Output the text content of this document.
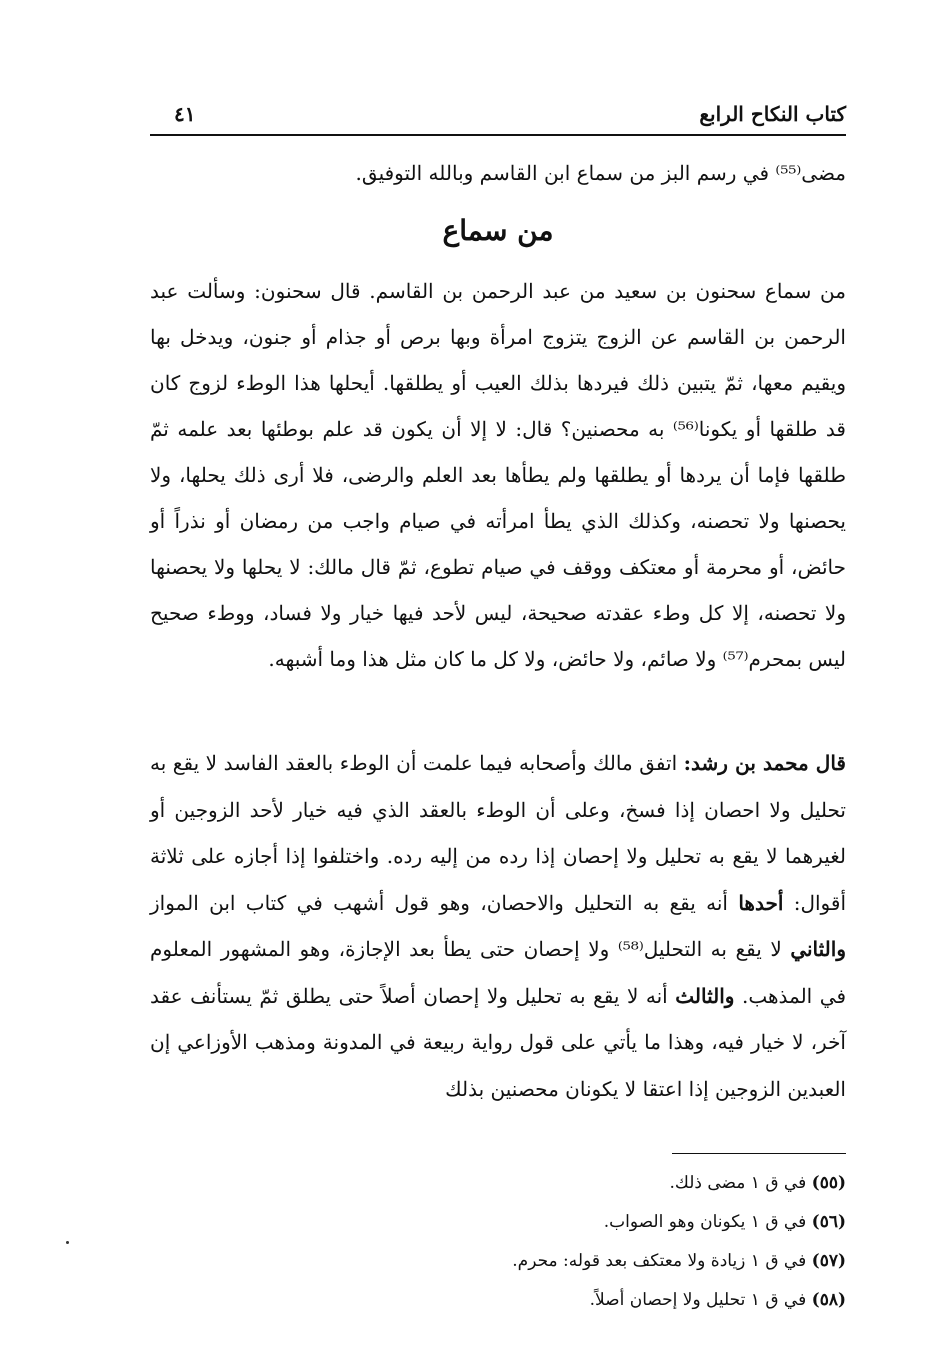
كتاب النكاح الرابع
٤١

مضى⁽⁵⁵⁾ في رسم البز من سماع ابن القاسم وبالله التوفيق.

من سماع

من سماع سحنون بن سعيد من عبد الرحمن بن القاسم. قال سحنون: وسألت عبد الرحمن بن القاسم عن الزوج يتزوج امرأة وبها برص أو جذام أو جنون، ويدخل بها ويقيم معها، ثمّ يتبين ذلك فيردها بذلك العيب أو يطلقها. أيحلها هذا الوطء لزوج كان قد طلقها أو يكونا⁽⁵⁶⁾ به محصنين؟ قال: لا إلا أن يكون قد علم بوطئها بعد علمه ثمّ طلقها فإما أن يردها أو يطلقها ولم يطأها بعد العلم والرضى، فلا أرى ذلك يحلها، ولا يحصنها ولا تحصنه، وكذلك الذي يطأ امرأته في صيام واجب من رمضان أو نذراً أو حائض، أو محرمة أو معتكف ووقف في صيام تطوع، ثمّ قال مالك: لا يحلها ولا يحصنها ولا تحصنه، إلا كل وطء عقدته صحيحة، ليس لأحد فيها خيار ولا فساد، ووطء صحيح ليس بمحرم⁽⁵⁷⁾ ولا صائم، ولا حائض، ولا كل ما كان مثل هذا وما أشبهه.

قال محمد بن رشد: اتفق مالك وأصحابه فيما علمت أن الوطء بالعقد الفاسد لا يقع به تحليل ولا احصان إذا فسخ، وعلى أن الوطء بالعقد الذي فيه خيار لأحد الزوجين أو لغيرهما لا يقع به تحليل ولا إحصان إذا رده من إليه رده. واختلفوا إذا أجازه على ثلاثة أقوال: أحدها أنه يقع به التحليل والاحصان، وهو قول أشهب في كتاب ابن المواز والثاني لا يقع به التحليل⁽⁵⁸⁾ ولا إحصان حتى يطأ بعد الإجازة، وهو المشهور المعلوم في المذهب. والثالث أنه لا يقع به تحليل ولا إحصان أصلاً حتى يطلق ثمّ يستأنف عقد آخر، لا خيار فيه، وهذا ما يأتي على قول رواية ربيعة في المدونة ومذهب الأوزاعي إن العبدين الزوجين إذا اعتقا لا يكونان محصنين بذلك

(٥٥) في ق ١ مضى ذلك.
(٥٦) في ق ١ يكونان وهو الصواب.
(٥٧) في ق ١ زيادة ولا معتكف بعد قوله: محرم.
(٥٨) في ق ١ تحليل ولا إحصان أصلاً.
